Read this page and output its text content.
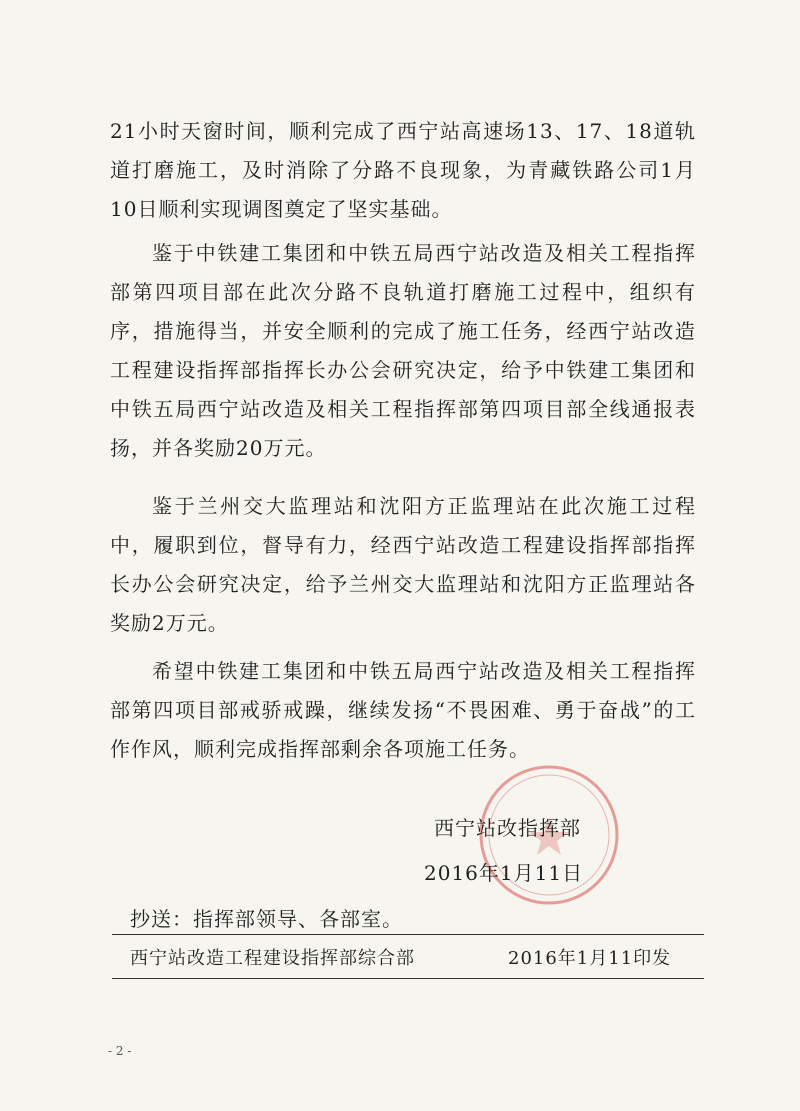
21小时天窗时间，顺利完成了西宁站高速场13、17、18道轨道打磨施工，及时消除了分路不良现象，为青藏铁路公司1月10日顺利实现调图奠定了坚实基础。

鉴于中铁建工集团和中铁五局西宁站改造及相关工程指挥部第四项目部在此次分路不良轨道打磨施工过程中，组织有序，措施得当，并安全顺利的完成了施工任务，经西宁站改造工程建设指挥部指挥长办公会研究决定，给予中铁建工集团和中铁五局西宁站改造及相关工程指挥部第四项目部全线通报表扬，并各奖励20万元。

鉴于兰州交大监理站和沈阳方正监理站在此次施工过程中，履职到位，督导有力，经西宁站改造工程建设指挥部指挥长办公会研究决定，给予兰州交大监理站和沈阳方正监理站各奖励2万元。

希望中铁建工集团和中铁五局西宁站改造及相关工程指挥部第四项目部戒骄戒躁，继续发扬“不畏困难、勇于奋战”的工作作风，顺利完成指挥部剩余各项施工任务。

西宁站改指挥部
2016年1月11日
抄送：指挥部领导、各部室。
西宁站改造工程建设指挥部综合部	2016年1月11印发
- 2 -
